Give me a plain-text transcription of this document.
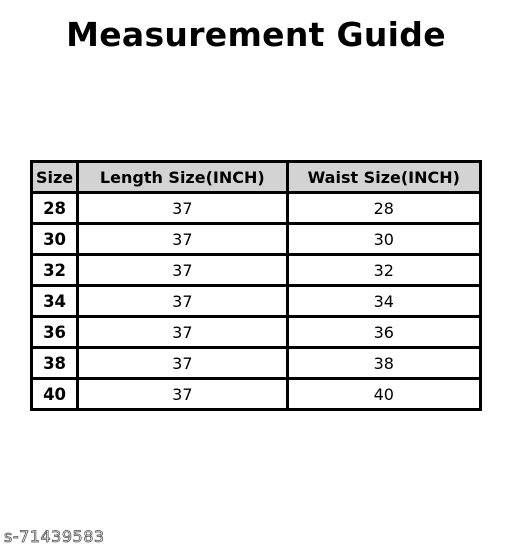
Measurement Guide
Size	Length Size(INCH)	Waist Size(INCH)
28	37	28
30	37	30
32	37	32
34	37	34
36	37	36
38	37	38
40	37	40
s-71439583
